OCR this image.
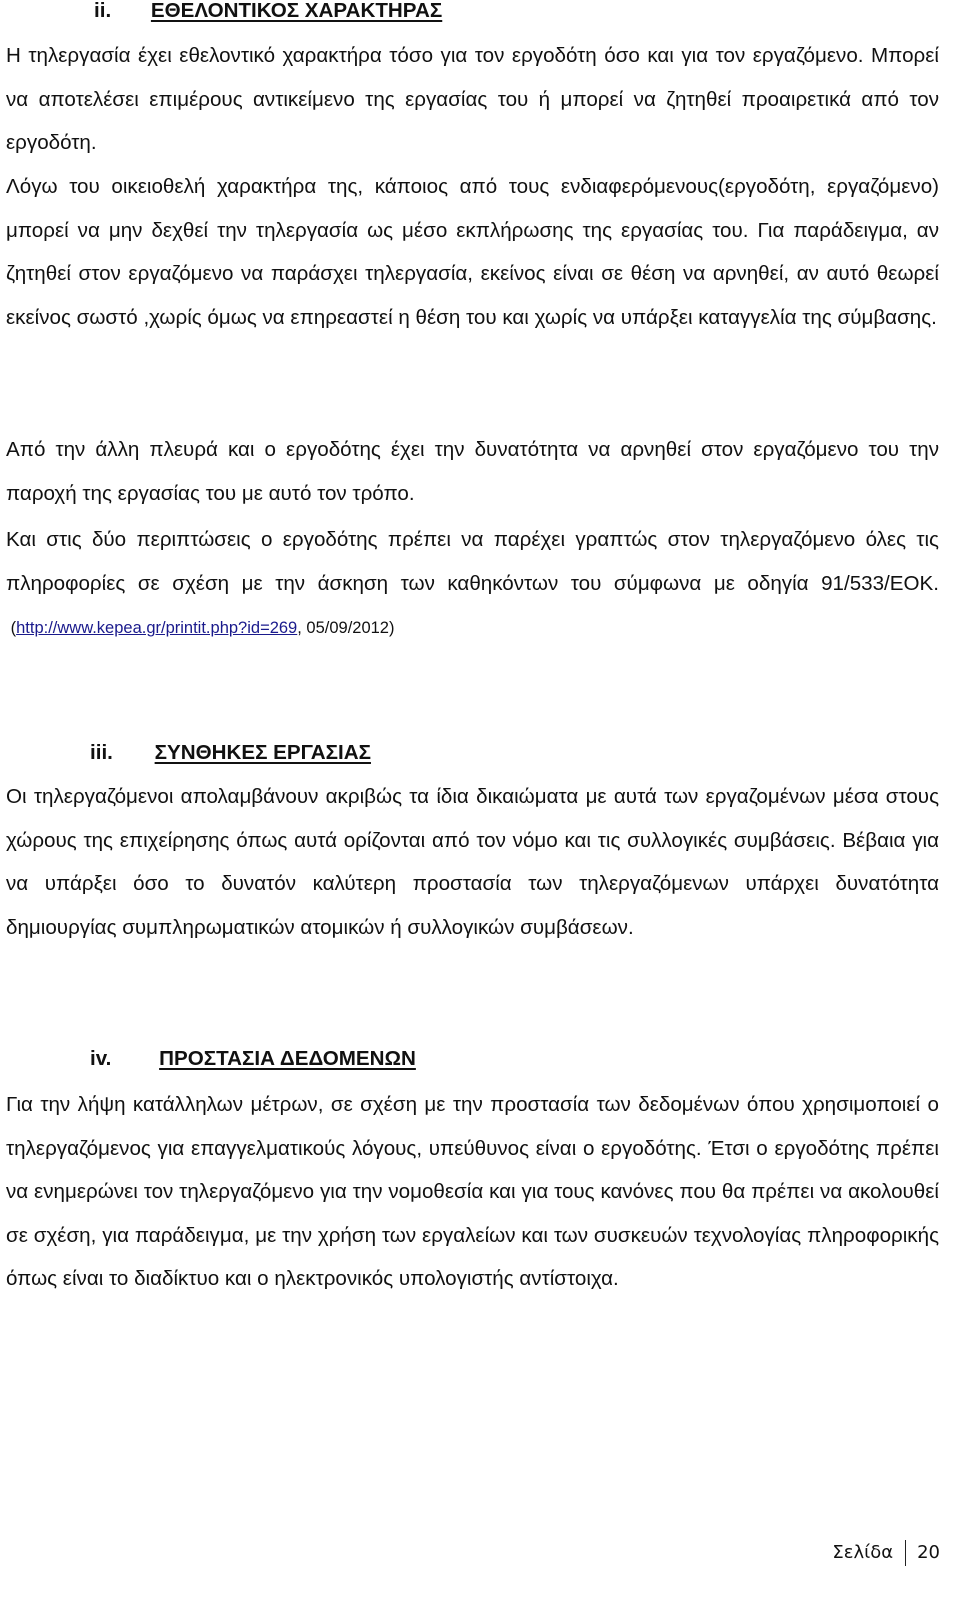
ii. ΕΘΕΛΟΝΤΙΚΟΣ ΧΑΡΑΚΤΗΡΑΣ

Η τηλεργασία έχει εθελοντικό χαρακτήρα τόσο για τον εργοδότη όσο και για τον εργαζόμενο. Μπορεί να αποτελέσει επιμέρους αντικείμενο της εργασίας του ή μπορεί να ζητηθεί προαιρετικά από τον εργοδότη.

Λόγω του οικειοθελή χαρακτήρα της, κάποιος από τους ενδιαφερόμενους(εργοδότη, εργαζόμενο) μπορεί να μην δεχθεί την τηλεργασία ως μέσο εκπλήρωσης της εργασίας του. Για παράδειγμα, αν ζητηθεί στον εργαζόμενο να παράσχει τηλεργασία, εκείνος είναι σε θέση να αρνηθεί, αν αυτό θεωρεί εκείνος σωστό ,χωρίς όμως να επηρεαστεί η θέση του και χωρίς να υπάρξει καταγγελία της σύμβασης.

Από την άλλη πλευρά και ο εργοδότης έχει την δυνατότητα να αρνηθεί στον εργαζόμενο του την παροχή της εργασίας του με αυτό τον τρόπο.

Και στις δύο περιπτώσεις ο εργοδότης πρέπει να παρέχει γραπτώς στον τηλεργαζόμενο όλες τις πληροφορίες σε σχέση με την άσκηση των καθηκόντων του σύμφωνα με οδηγία 91/533/ΕΟΚ.  (http://www.kepea.gr/printit.php?id=269, 05/09/2012)

iii. ΣΥΝΘΗΚΕΣ ΕΡΓΑΣΙΑΣ

Οι τηλεργαζόμενοι απολαμβάνουν ακριβώς τα ίδια δικαιώματα με αυτά των εργαζομένων μέσα στους χώρους της επιχείρησης όπως αυτά ορίζονται από τον νόμο και τις συλλογικές συμβάσεις. Βέβαια για να υπάρξει όσο το δυνατόν καλύτερη προστασία των τηλεργαζόμενων υπάρχει δυνατότητα δημιουργίας συμπληρωματικών ατομικών ή συλλογικών συμβάσεων.

iv. ΠΡΟΣΤΑΣΙΑ ΔΕΔΟΜΕΝΩΝ

Για την λήψη κατάλληλων μέτρων, σε σχέση με την προστασία των δεδομένων όπου χρησιμοποιεί ο τηλεργαζόμενος για επαγγελματικούς λόγους, υπεύθυνος είναι ο εργοδότης. Έτσι ο εργοδότης πρέπει να ενημερώνει τον τηλεργαζόμενο για την νομοθεσία και για τους κανόνες που θα πρέπει να ακολουθεί σε σχέση, για παράδειγμα, με την χρήση των εργαλείων και των συσκευών τεχνολογίας πληροφορικής όπως είναι το διαδίκτυο και ο ηλεκτρονικός υπολογιστής αντίστοιχα.

Σελίδα 20
